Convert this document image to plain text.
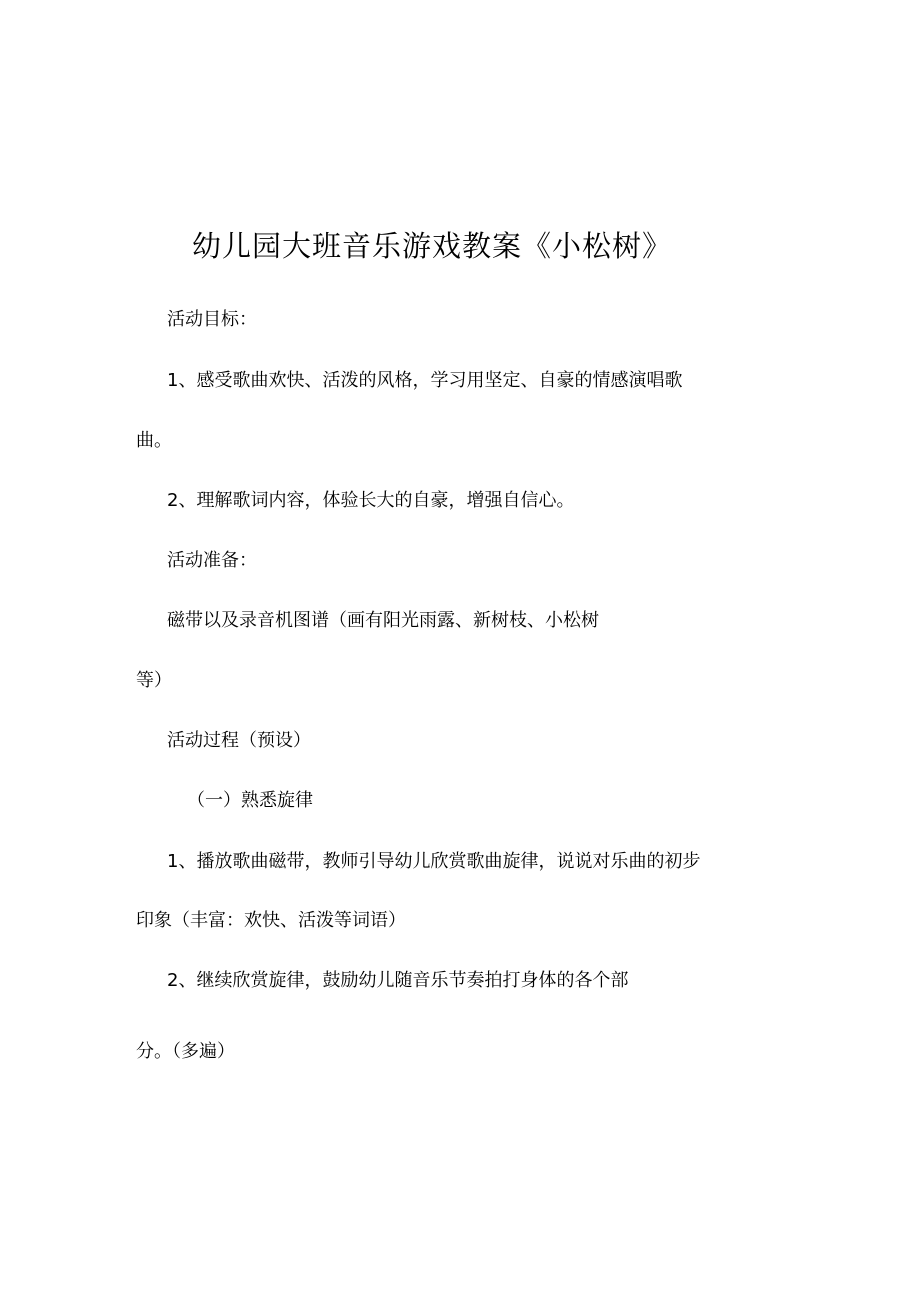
幼儿园大班音乐游戏教案《小松树》
活动目标：
1、感受歌曲欢快、活泼的风格，学习用坚定、自豪的情感演唱歌
曲。
2、理解歌词内容，体验长大的自豪，增强自信心。
活动准备：
磁带以及录音机图谱（画有阳光雨露、新树枝、小松树
等）
活动过程（预设）
（一）熟悉旋律
1、播放歌曲磁带，教师引导幼儿欣赏歌曲旋律，说说对乐曲的初步
印象（丰富：欢快、活泼等词语）
2、继续欣赏旋律，鼓励幼儿随音乐节奏拍打身体的各个部
分。（多遍）
